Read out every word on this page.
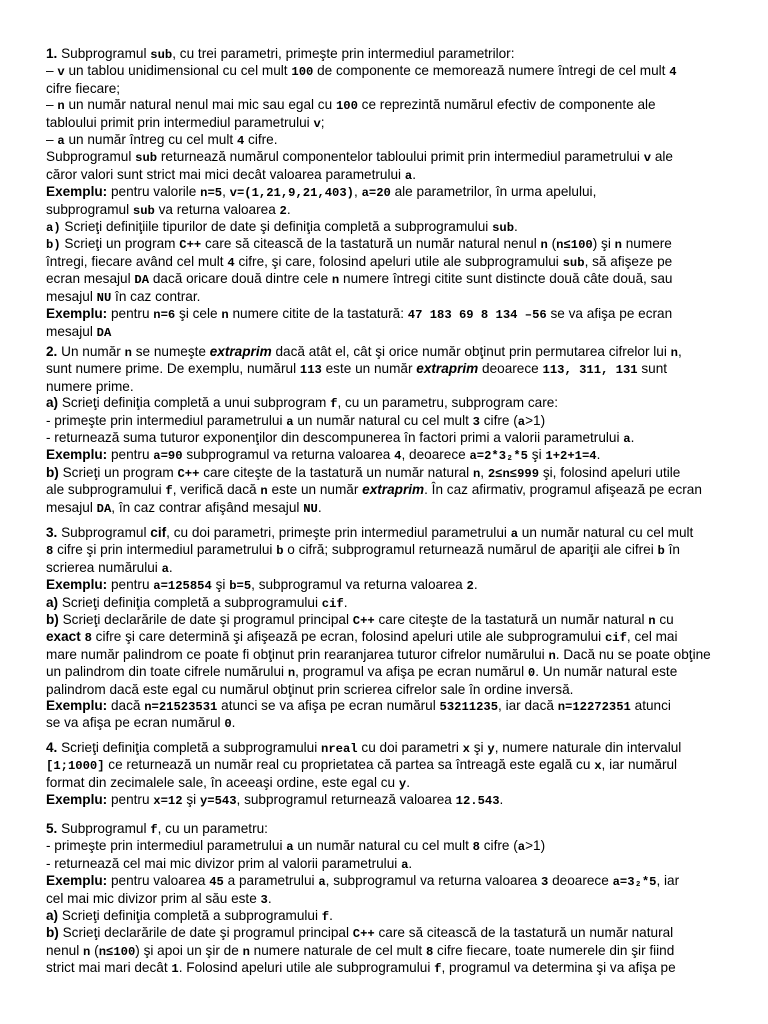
1. Subprogramul sub, cu trei parametri, primeşte prin intermediul parametrilor:

– v un tablou unidimensional cu cel mult 100 de componente ce memorează numere întregi de cel mult 4

cifre fiecare;

– n un număr natural nenul mai mic sau egal cu 100 ce reprezintă numărul efectiv de componente ale

tabloului primit prin intermediul parametrului v;

– a un număr întreg cu cel mult 4 cifre.

Subprogramul sub returnează numărul componentelor tabloului primit prin intermediul parametrului v ale

căror valori sunt strict mai mici decât valoarea parametrului a.

Exemplu: pentru valorile n=5, v=(1,21,9,21,403), a=20 ale parametrilor, în urma apelului,

subprogramul sub va returna valoarea 2.

a) Scrieţi definiţiile tipurilor de date şi definiţia completă a subprogramului sub.

b) Scrieţi un program C++ care să citească de la tastatură un număr natural nenul n (n≤100) şi n numere

întregi, fiecare având cel mult 4 cifre, şi care, folosind apeluri utile ale subprogramului sub, să afişeze pe

ecran mesajul DA dacă oricare două dintre cele n numere întregi citite sunt distincte două câte două, sau

mesajul NU în caz contrar.

Exemplu: pentru n=6 şi cele n numere citite de la tastatură: 47 183 69 8 134 –56 se va afişa pe ecran

mesajul DA

2. Un număr n se numeşte extraprim dacă atât el, cât şi orice număr obţinut prin permutarea cifrelor lui n,

sunt numere prime. De exemplu, numărul 113 este un număr extraprim deoarece 113, 311, 131 sunt

numere prime.

a) Scrieţi definiţia completă a unui subprogram f, cu un parametru, subprogram care:

- primeşte prin intermediul parametrului a un număr natural cu cel mult 3 cifre (a>1)

- returnează suma tuturor exponenţilor din descompunerea în factori primi a valorii parametrului a.

Exemplu: pentru a=90 subprogramul va returna valoarea 4, deoarece a=2*3₂*5 şi 1+2+1=4.

b) Scrieţi un program C++ care citeşte de la tastatură un număr natural n, 2≤n≤999 şi, folosind apeluri utile

ale subprogramului f, verifică dacă n este un număr extraprim. În caz afirmativ, programul afişează pe ecran

mesajul DA, în caz contrar afişând mesajul NU.

3. Subprogramul cif, cu doi parametri, primeşte prin intermediul parametrului a un număr natural cu cel mult

8 cifre şi prin intermediul parametrului b o cifră; subprogramul returnează numărul de apariţii ale cifrei b în

scrierea numărului a.

Exemplu: pentru a=125854 şi b=5, subprogramul va returna valoarea 2.

a) Scrieţi definiţia completă a subprogramului cif.

b) Scrieţi declarările de date şi programul principal C++ care citeşte de la tastatură un număr natural n cu

exact 8 cifre şi care determină şi afişează pe ecran, folosind apeluri utile ale subprogramului cif, cel mai

mare număr palindrom ce poate fi obţinut prin rearanjarea tuturor cifrelor numărului n. Dacă nu se poate obţine

un palindrom din toate cifrele numărului n, programul va afişa pe ecran numărul 0. Un număr natural este

palindrom dacă este egal cu numărul obţinut prin scrierea cifrelor sale în ordine inversă.

Exemplu: dacă n=21523531 atunci se va afişa pe ecran numărul 53211235, iar dacă n=12272351 atunci

se va afişa pe ecran numărul 0.

4. Scrieţi definiţia completă a subprogramului nreal cu doi parametri x şi y, numere naturale din intervalul

[1;1000] ce returnează un număr real cu proprietatea că partea sa întreagă este egală cu x, iar numărul

format din zecimalele sale, în aceeaşi ordine, este egal cu y.

Exemplu: pentru x=12 şi y=543, subprogramul returnează valoarea 12.543.

5. Subprogramul f, cu un parametru:

- primeşte prin intermediul parametrului a un număr natural cu cel mult 8 cifre (a>1)

- returnează cel mai mic divizor prim al valorii parametrului a.

Exemplu: pentru valoarea 45 a parametrului a, subprogramul va returna valoarea 3 deoarece a=3₂*5, iar

cel mai mic divizor prim al său este 3.

a) Scrieţi definiţia completă a subprogramului f.

b) Scrieţi declarările de date şi programul principal C++ care să citească de la tastatură un număr natural

nenul n (n≤100) şi apoi un şir de n numere naturale de cel mult 8 cifre fiecare, toate numerele din şir fiind

strict mai mari decât 1. Folosind apeluri utile ale subprogramului f, programul va determina şi va afişa pe
